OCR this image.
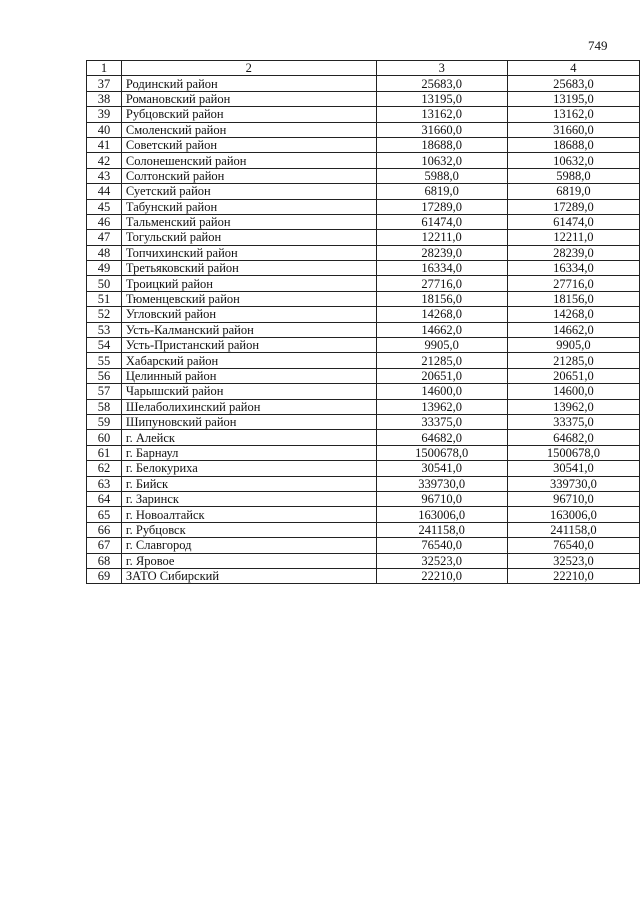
749
1	2	3	4
37	Родинский район	25683,0	25683,0
38	Романовский район	13195,0	13195,0
39	Рубцовский район	13162,0	13162,0
40	Смоленский район	31660,0	31660,0
41	Советский район	18688,0	18688,0
42	Солонешенский район	10632,0	10632,0
43	Солтонский район	5988,0	5988,0
44	Суетский район	6819,0	6819,0
45	Табунский район	17289,0	17289,0
46	Тальменский район	61474,0	61474,0
47	Тогульский район	12211,0	12211,0
48	Топчихинский район	28239,0	28239,0
49	Третьяковский район	16334,0	16334,0
50	Троицкий район	27716,0	27716,0
51	Тюменцевский район	18156,0	18156,0
52	Угловский район	14268,0	14268,0
53	Усть-Калманский район	14662,0	14662,0
54	Усть-Пристанский район	9905,0	9905,0
55	Хабарский район	21285,0	21285,0
56	Целинный район	20651,0	20651,0
57	Чарышский район	14600,0	14600,0
58	Шелаболихинский район	13962,0	13962,0
59	Шипуновский район	33375,0	33375,0
60	г. Алейск	64682,0	64682,0
61	г. Барнаул	1500678,0	1500678,0
62	г. Белокуриха	30541,0	30541,0
63	г. Бийск	339730,0	339730,0
64	г. Заринск	96710,0	96710,0
65	г. Новоалтайск	163006,0	163006,0
66	г. Рубцовск	241158,0	241158,0
67	г. Славгород	76540,0	76540,0
68	г. Яровое	32523,0	32523,0
69	ЗАТО Сибирский	22210,0	22210,0
